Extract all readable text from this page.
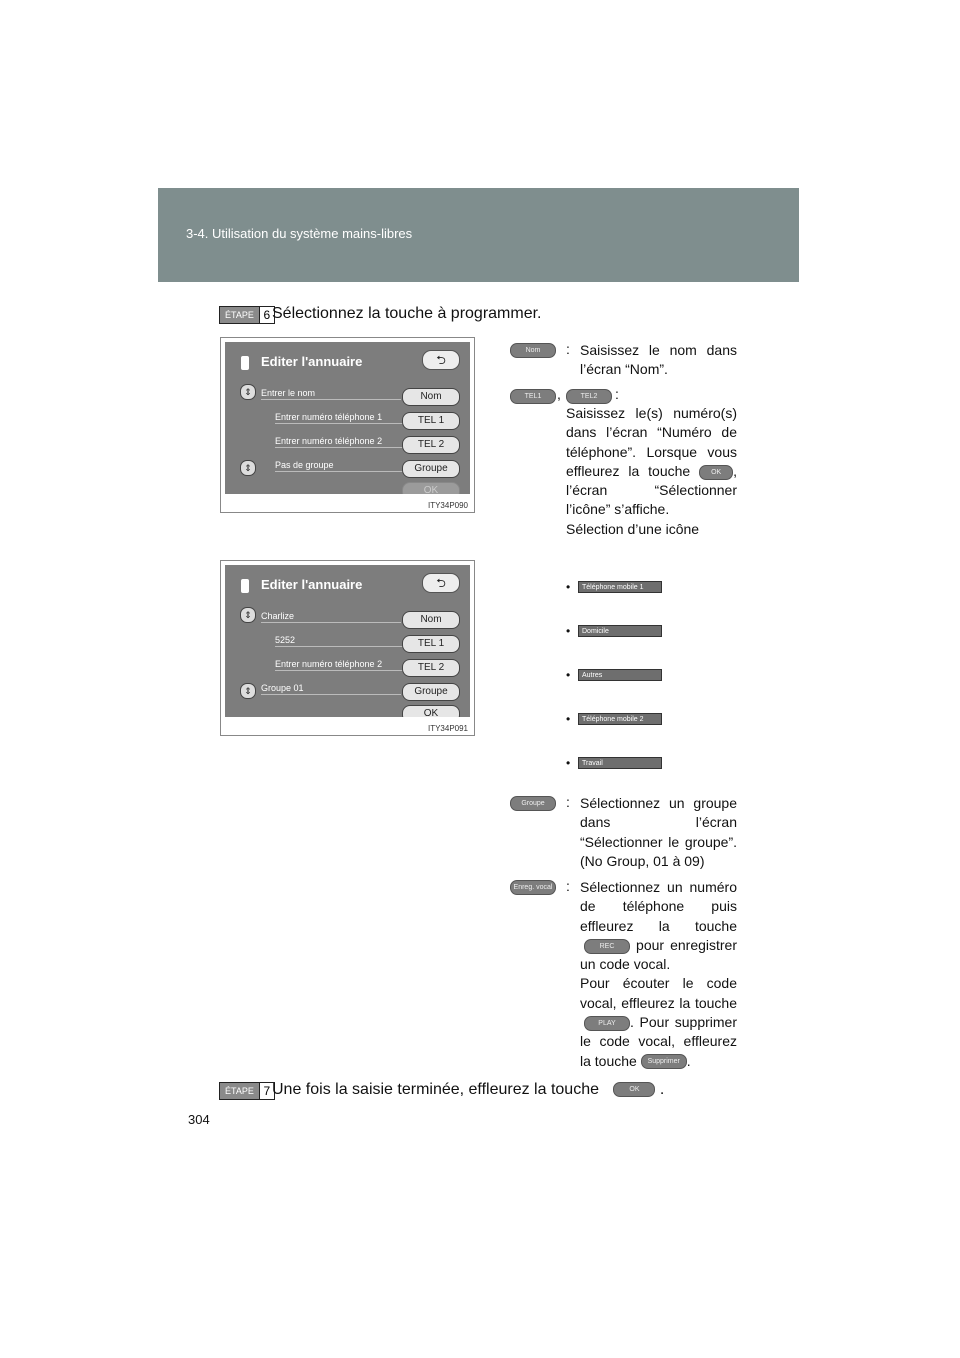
3-4. Utilisation du système mains-libres
ÉTAPE 6 Sélectionnez la touche à programmer.
Editer l'annuaire	⮌
⇕
⇕
Entrer le nom
Entrer numéro téléphone 1
Entrer numéro téléphone 2
Pas de groupe
Nom
TEL 1
TEL 2
Groupe
OK
ITY34P090
Editer l'annuaire	⮌
⇕
⇕
Charlize
5252
Entrer numéro téléphone 2
Groupe 01
Nom
TEL 1
TEL 2
Groupe
OK
ITY34P091
Nom	: Saisissez le nom dans l’écran “Nom”.
TEL1	,	TEL2	:
Saisissez le(s) numéro(s) dans l’écran “Numéro de téléphone”. Lorsque vous effleurez la touche	OK , l’écran “Sélectionner l’icône” s’affiche.
Sélection d’une icône
•	Téléphone mobile 1
•	Domicile
•	Autres
•	Téléphone mobile 2
•	Travail
Groupe	: Sélectionnez un groupe dans l’écran “Sélectionner le groupe”. (No Group, 01 à 09)
Enreg. vocal : Sélectionnez un numéro de téléphone puis effleurez la touche REC pour enregistrer un code vocal.
Pour écouter le code vocal, effleurez la touche PLAY . Pour supprimer le code vocal, effleurez la touche Supprimer .
ÉTAPE 7 Une fois la saisie terminée, effleurez la touche	OK .
304
